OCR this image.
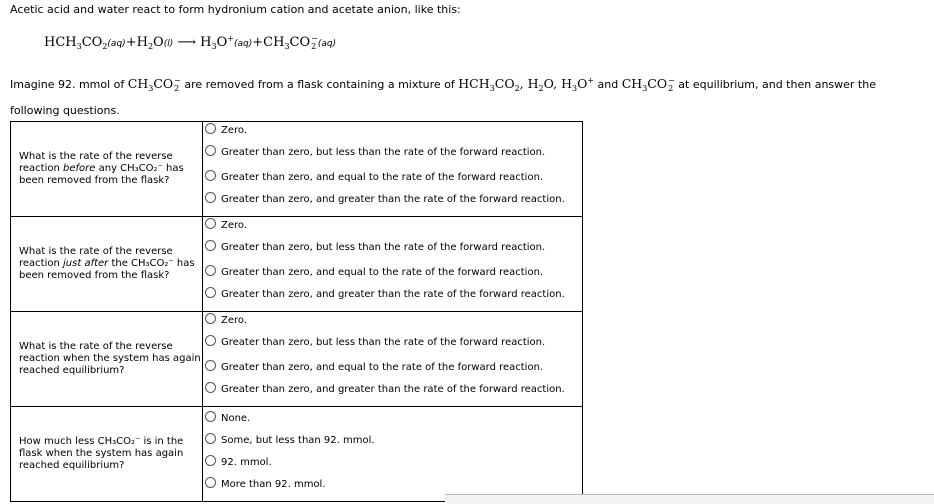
Acetic acid and water react to form hydronium cation and acetate anion, like this:
$HCH_3CO_2(aq)+H_2O(l)$ ⟶ $H_3O^+(aq)+CH_3CO$ −
2 (aq)
Imagine 92. mmol of $CH_3CO$ −
2 are removed from a flask containing a mixture of $HCH_3CO_2$, $H_2O$, $H_3O^+$ and $CH_3CO$ −
2 at equilibrium, and then answer the following questions.
What is the rate of the reverse reaction before any CH₃CO₂⁻ has been removed from the flask?	Zero.
Greater than zero, but less than the rate of the forward reaction.
Greater than zero, and equal to the rate of the forward reaction.
Greater than zero, and greater than the rate of the forward reaction.

What is the rate of the reverse reaction just after the CH₃CO₂⁻ has been removed from the flask?	Zero.
Greater than zero, but less than the rate of the forward reaction.
Greater than zero, and equal to the rate of the forward reaction.
Greater than zero, and greater than the rate of the forward reaction.

What is the rate of the reverse reaction when the system has again reached equilibrium?	Zero.
Greater than zero, but less than the rate of the forward reaction.
Greater than zero, and equal to the rate of the forward reaction.
Greater than zero, and greater than the rate of the forward reaction.

How much less CH₃CO₂⁻ is in the flask when the system has again reached equilibrium?	None.
Some, but less than 92. mmol.
92. mmol.
More than 92. mmol.
